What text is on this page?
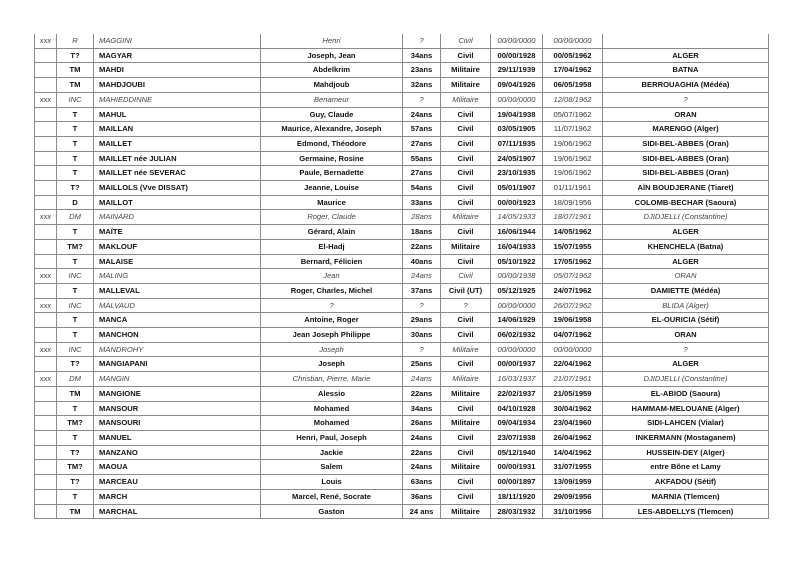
xxx	R	MAGGINI	Henri	?	Civil	00/00/0000	00/00/0000	
	T?	MAGYAR	Joseph, Jean	34ans	Civil	00/00/1928	00/05/1962	ALGER
	TM	MAHDI	Abdelkrim	23ans	Militaire	29/11/1939	17/04/1962	BATNA
	TM	MAHDJOUBI	Mahdjoub	32ans	Militaire	09/04/1926	06/05/1958	BERROUAGHIA (Médéa)
xxx	INC	MAHIEDDINNE	Benameur	?	Militaire	00/00/0000	12/08/1962	?
	T	MAHUL	Guy, Claude	24ans	Civil	19/04/1938	05/07/1962	ORAN
	T	MAILLAN	Maurice, Alexandre, Joseph	57ans	Civil	03/05/1905	11/07/1962	MARENGO (Alger)
	T	MAILLET	Edmond, Théodore	27ans	Civil	07/11/1935	19/06/1962	SIDI-BEL-ABBES (Oran)
	T	MAILLET née JULIAN	Germaine, Rosine	55ans	Civil	24/05/1907	19/06/1962	SIDI-BEL-ABBES (Oran)
	T	MAILLET née SEVERAC	Paule, Bernadette	27ans	Civil	23/10/1935	19/06/1962	SIDI-BEL-ABBES (Oran)
	T?	MAILLOLS (Vve DISSAT)	Jeanne, Louise	54ans	Civil	05/01/1907	01/11/1961	AÏN BOUDJERANE (Tiaret)
	D	MAILLOT	Maurice	33ans	Civil	00/00/1923	18/09/1956	COLOMB-BECHAR (Saoura)
xxx	DM	MAINARD	Roger, Claude	28ans	Militaire	14/05/1933	18/07/1961	DJIDJELLI (Constantine)
	T	MAÏTE	Gérard, Alain	18ans	Civil	16/06/1944	14/05/1962	ALGER
	TM?	MAKLOUF	El-Hadj	22ans	Militaire	16/04/1933	15/07/1955	KHENCHELA (Batna)
	T	MALAISE	Bernard, Félicien	40ans	Civil	05/10/1922	17/05/1962	ALGER
xxx	INC	MALING	Jean	24ans	Civil	00/00/1938	05/07/1962	ORAN
	T	MALLEVAL	Roger, Charles, Michel	37ans	Civil (UT)	05/12/1925	24/07/1962	DAMIETTE (Médéa)
xxx	INC	MALVAUD	?	?	?	00/00/0000	26/07/1962	BLIDA (Alger)
	T	MANCA	Antoine, Roger	29ans	Civil	14/06/1929	19/06/1958	EL-OURICIA (Sétif)
	T	MANCHON	Jean Joseph Philippe	30ans	Civil	06/02/1932	04/07/1962	ORAN
xxx	INC	MANDROHY	Joseph	?	Militaire	00/00/0000	00/00/0000	?
	T?	MANGIAPANI	Joseph	25ans	Civil	00/00/1937	22/04/1962	ALGER
xxx	DM	MANGIN	Christian, Pierre, Marie	24ans	Militaire	16/03/1937	21/07/1961	DJIDJELLI (Constantine)
	TM	MANGIONE	Alessio	22ans	Militaire	22/02/1937	21/05/1959	EL-ABIOD (Saoura)
	T	MANSOUR	Mohamed	34ans	Civil	04/10/1928	30/04/1962	HAMMAM-MELOUANE (Alger)
	TM?	MANSOURI	Mohamed	26ans	Militaire	09/04/1934	23/04/1960	SIDI-LAHCEN (Vialar)
	T	MANUEL	Henri, Paul, Joseph	24ans	Civil	23/07/1938	26/04/1962	INKERMANN (Mostaganem)
	T?	MANZANO	Jackie	22ans	Civil	05/12/1940	14/04/1962	HUSSEIN-DEY (Alger)
	TM?	MAOUA	Salem	24ans	Militaire	00/00/1931	31/07/1955	entre Bône et Lamy
	T?	MARCEAU	Louis	63ans	Civil	00/00/1897	13/09/1959	AKFADOU (Sétif)
	T	MARCH	Marcel, René, Socrate	36ans	Civil	18/11/1920	29/09/1956	MARNIA (Tlemcen)
	TM	MARCHAL	Gaston	24 ans	Militaire	28/03/1932	31/10/1956	LES-ABDELLYS (Tlemcen)
